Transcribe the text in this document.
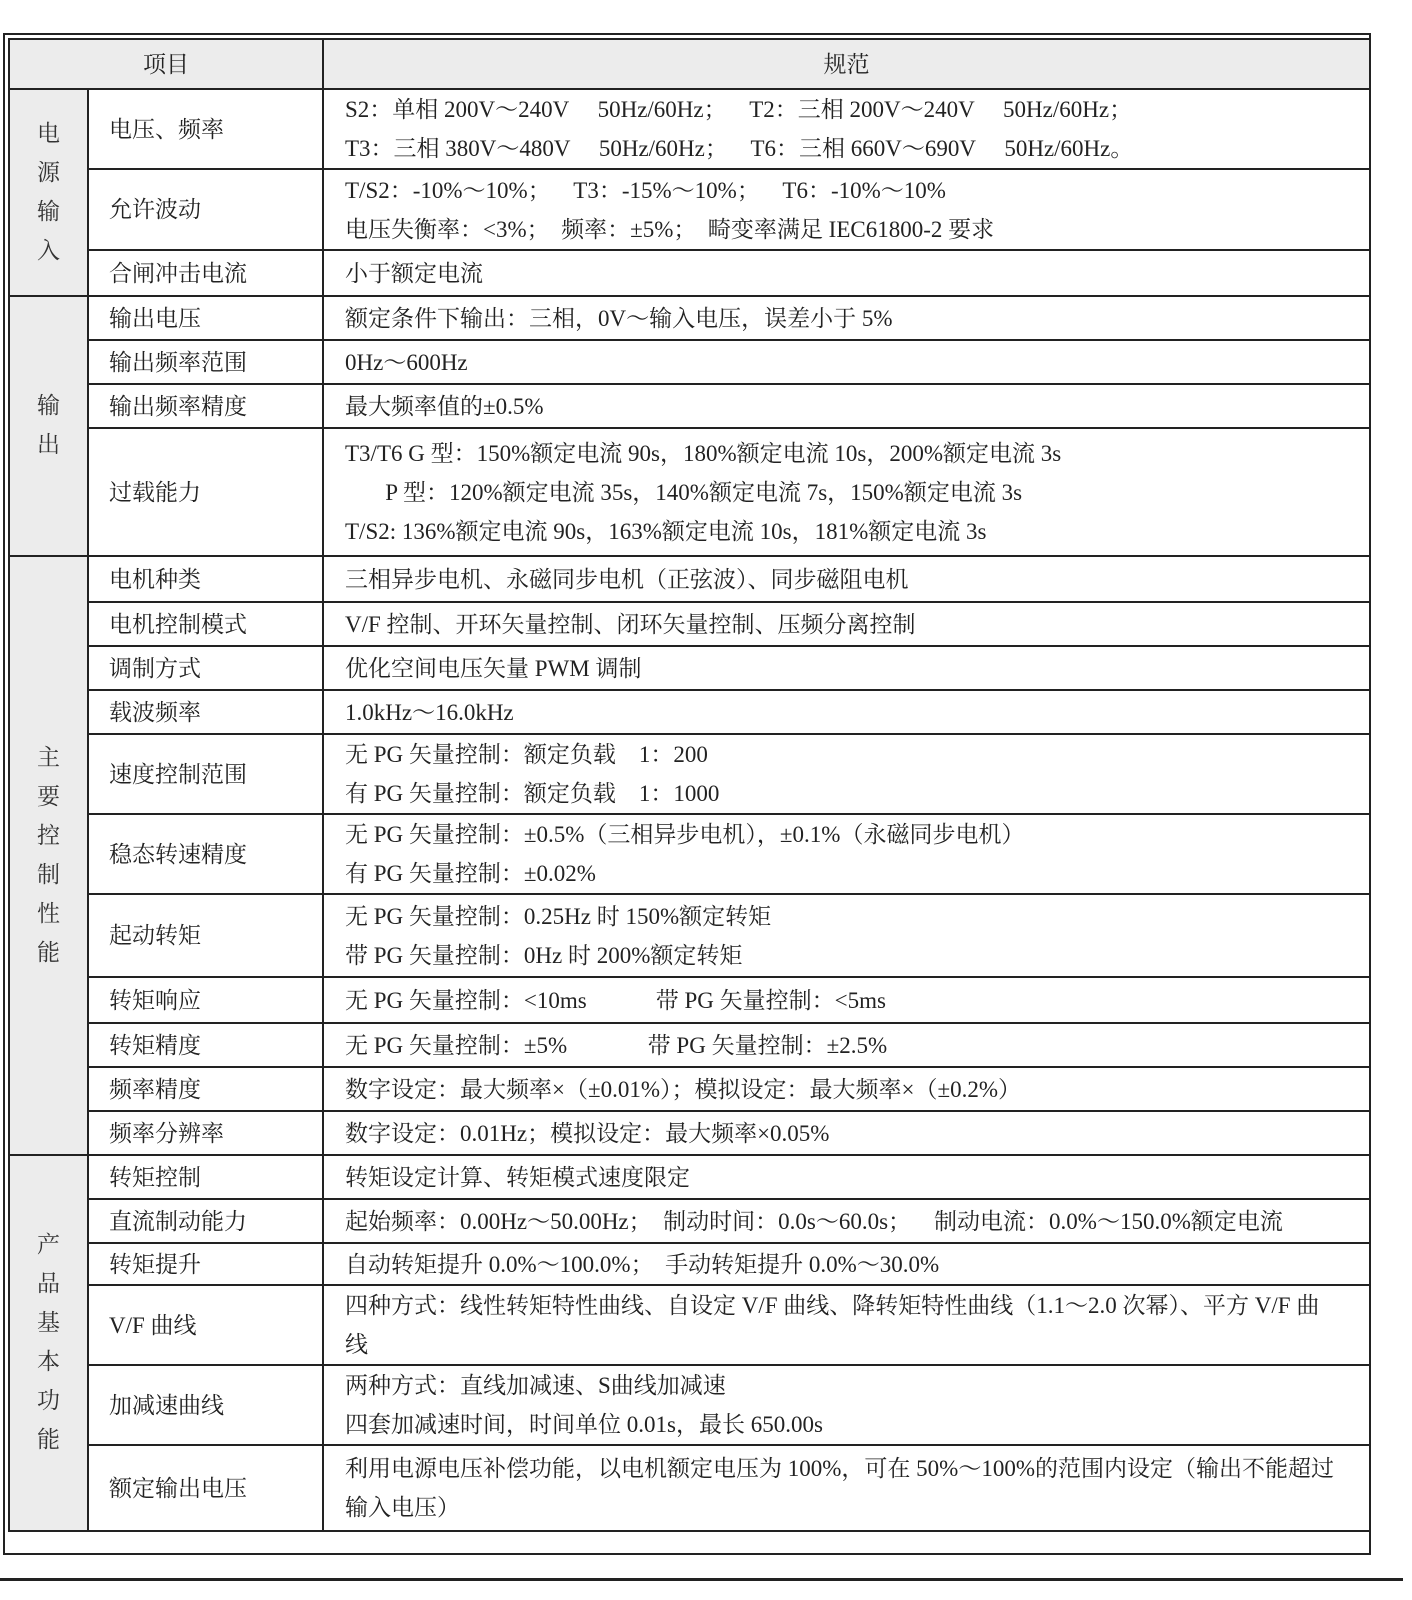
项目		规范

电
源
输
入	电压、频率	S2：单相 200V～240V     50Hz/60Hz；    T2：三相 200V～240V     50Hz/60Hz；
T3：三相 380V～480V     50Hz/60Hz；    T6：三相 660V～690V     50Hz/60Hz。

	允许波动	T/S2：-10%～10%；    T3：-15%～10%；    T6：-10%～10%
电压失衡率：<3%；  频率：±5%；  畸变率满足 IEC61800-2 要求

	合闸冲击电流	小于额定电流

输
出	输出电压	额定条件下输出：三相，0V～输入电压，误差小于 5%

	输出频率范围	0Hz～600Hz

	输出频率精度	最大频率值的±0.5%

	过载能力	T3/T6 G 型：150%额定电流 90s，180%额定电流 10s，200%额定电流 3s
P 型：120%额定电流 35s，140%额定电流 7s，150%额定电流 3s
T/S2: 136%额定电流 90s，163%额定电流 10s，181%额定电流 3s

主
要
控
制
性
能
	电机种类	三相异步电机、永磁同步电机（正弦波）、同步磁阻电机

	电机控制模式	V/F 控制、开环矢量控制、闭环矢量控制、压频分离控制

	调制方式	优化空间电压矢量 PWM 调制

	载波频率	1.0kHz～16.0kHz

	速度控制范围	无 PG 矢量控制：额定负载    1：200
有 PG 矢量控制：额定负载    1：1000

	稳态转速精度	无 PG 矢量控制：±0.5%（三相异步电机），±0.1%（永磁同步电机）
有 PG 矢量控制：±0.02%

	起动转矩	无 PG 矢量控制：0.25Hz 时 150%额定转矩
带 PG 矢量控制：0Hz 时 200%额定转矩

	转矩响应	无 PG 矢量控制：<10ms            带 PG 矢量控制：<5ms

	转矩精度	无 PG 矢量控制：±5%              带 PG 矢量控制：±2.5%

	频率精度	数字设定：最大频率×（±0.01%）；模拟设定：最大频率×（±0.2%）

	频率分辨率	数字设定：0.01Hz；模拟设定：最大频率×0.05%

产
品
基
本
功
能
	转矩控制	转矩设定计算、转矩模式速度限定

	直流制动能力	起始频率：0.00Hz～50.00Hz；  制动时间：0.0s～60.0s；    制动电流：0.0%～150.0%额定电流

	转矩提升	自动转矩提升 0.0%～100.0%；  手动转矩提升 0.0%～30.0%

	V/F 曲线	四种方式：线性转矩特性曲线、自设定 V/F 曲线、降转矩特性曲线（1.1～2.0 次幂）、平方 V/F 曲
线

	加减速曲线	两种方式：直线加减速、S曲线加减速
四套加减速时间，时间单位 0.01s，最长 650.00s

	额定输出电压	利用电源电压补偿功能，以电机额定电压为 100%，可在 50%～100%的范围内设定（输出不能超过
输入电压）
